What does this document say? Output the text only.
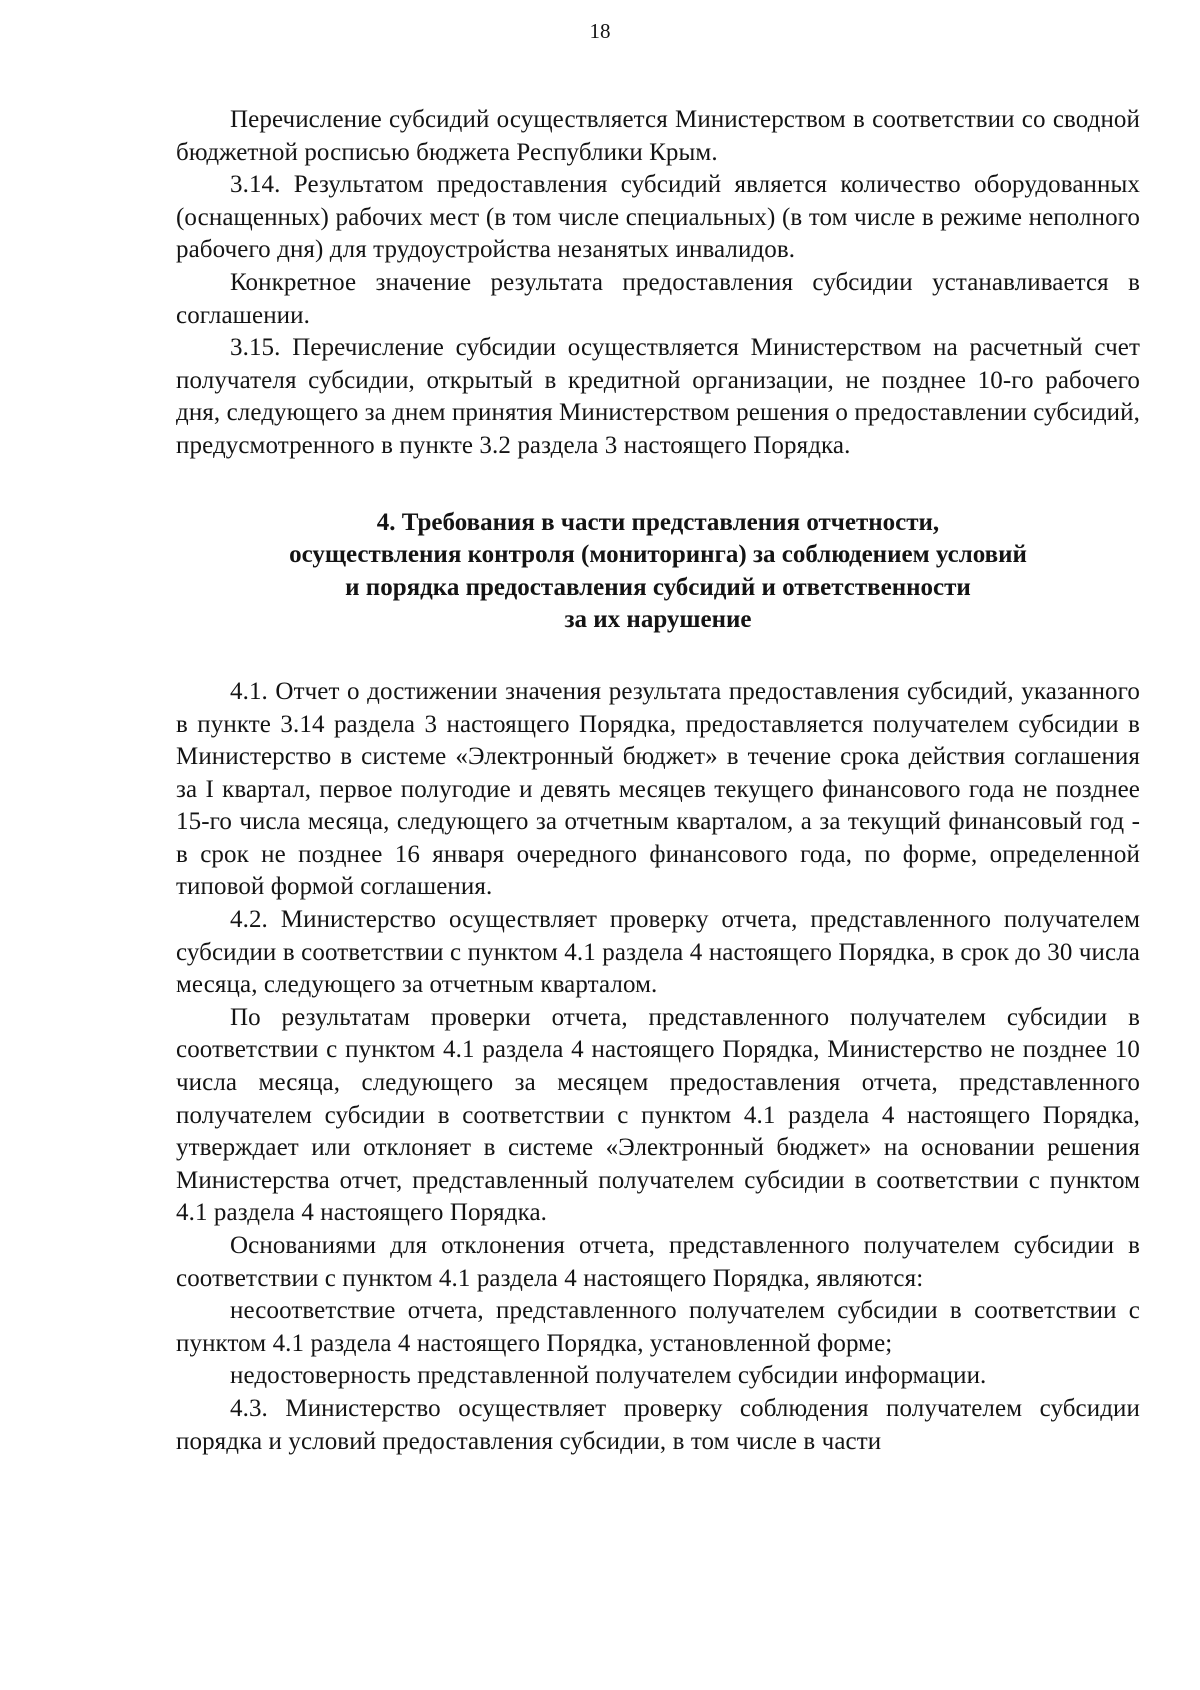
18

Перечисление субсидий осуществляется Министерством в соответствии со сводной бюджетной росписью бюджета Республики Крым.

3.14. Результатом предоставления субсидий является количество оборудованных (оснащенных) рабочих мест (в том числе специальных) (в том числе в режиме неполного рабочего дня) для трудоустройства незанятых инвалидов.

Конкретное значение результата предоставления субсидии устанавливается в соглашении.

3.15. Перечисление субсидии осуществляется Министерством на расчетный счет получателя субсидии, открытый в кредитной организации, не позднее 10-го рабочего дня, следующего за днем принятия Министерством решения о предоставлении субсидий, предусмотренного в пункте 3.2 раздела 3 настоящего Порядка.

4. Требования в части представления отчетности,
осуществления контроля (мониторинга) за соблюдением условий
и порядка предоставления субсидий и ответственности
за их нарушение

4.1. Отчет о достижении значения результата предоставления субсидий, указанного в пункте 3.14 раздела 3 настоящего Порядка, предоставляется получателем субсидии в Министерство в системе «Электронный бюджет» в течение срока действия соглашения за I квартал, первое полугодие и девять месяцев текущего финансового года не позднее 15-го числа месяца, следующего за отчетным кварталом, а за текущий финансовый год - в срок не позднее 16 января очередного финансового года, по форме, определенной типовой формой соглашения.

4.2. Министерство осуществляет проверку отчета, представленного получателем субсидии в соответствии с пунктом 4.1 раздела 4 настоящего Порядка, в срок до 30 числа месяца, следующего за отчетным кварталом.

По результатам проверки отчета, представленного получателем субсидии в соответствии с пунктом 4.1 раздела 4 настоящего Порядка, Министерство не позднее 10 числа месяца, следующего за месяцем предоставления отчета, представленного получателем субсидии в соответствии с пунктом 4.1 раздела 4 настоящего Порядка, утверждает или отклоняет в системе «Электронный бюджет» на основании решения Министерства отчет, представленный получателем субсидии в соответствии с пунктом 4.1 раздела 4 настоящего Порядка.

Основаниями для отклонения отчета, представленного получателем субсидии в соответствии с пунктом 4.1 раздела 4 настоящего Порядка, являются:

несоответствие отчета, представленного получателем субсидии в соответствии с пунктом 4.1 раздела 4 настоящего Порядка, установленной форме;

недостоверность представленной получателем субсидии информации.

4.3. Министерство осуществляет проверку соблюдения получателем субсидии порядка и условий предоставления субсидии, в том числе в части
